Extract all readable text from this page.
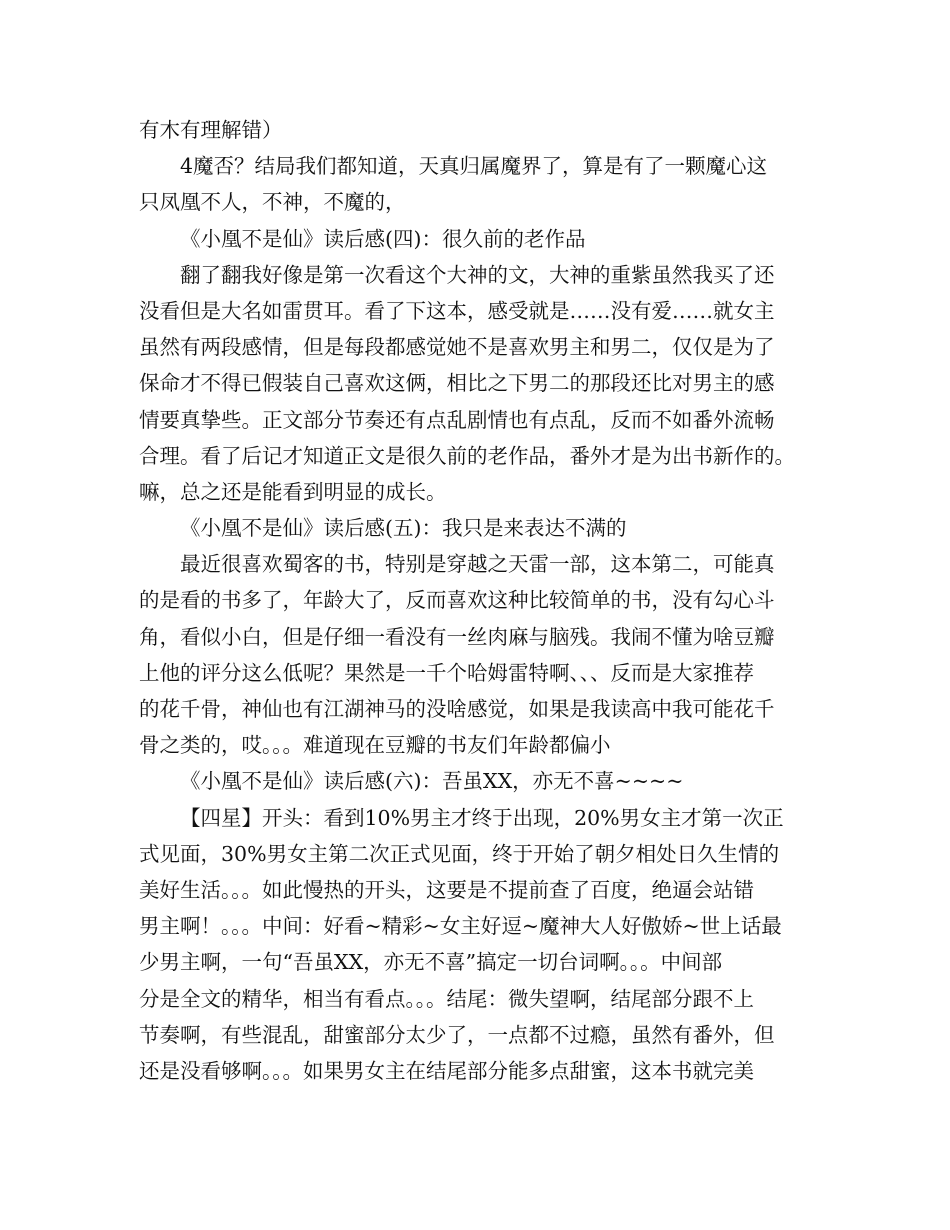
有木有理解错）
4魔否？结局我们都知道，天真归属魔界了，算是有了一颗魔心这
只凤凰不人，不神，不魔的，
《小凰不是仙》读后感(四)：很久前的老作品
翻了翻我好像是第一次看这个大神的文，大神的重紫虽然我买了还
没看但是大名如雷贯耳。看了下这本，感受就是……没有爱……就女主
虽然有两段感情，但是每段都感觉她不是喜欢男主和男二，仅仅是为了
保命才不得已假装自己喜欢这俩，相比之下男二的那段还比对男主的感
情要真挚些。正文部分节奏还有点乱剧情也有点乱，反而不如番外流畅
合理。看了后记才知道正文是很久前的老作品，番外才是为出书新作的。
嘛，总之还是能看到明显的成长。
《小凰不是仙》读后感(五)：我只是来表达不满的
最近很喜欢蜀客的书，特别是穿越之天雷一部，这本第二，可能真
的是看的书多了，年龄大了，反而喜欢这种比较简单的书，没有勾心斗
角，看似小白，但是仔细一看没有一丝肉麻与脑残。我闹不懂为啥豆瓣
上他的评分这么低呢？果然是一千个哈姆雷特啊、、、反而是大家推荐
的花千骨，神仙也有江湖神马的没啥感觉，如果是我读高中我可能花千
骨之类的，哎。。。难道现在豆瓣的书友们年龄都偏小
《小凰不是仙》读后感(六)：吾虽XX，亦无不喜~~~~
【四星】开头：看到10%男主才终于出现，20%男女主才第一次正
式见面，30%男女主第二次正式见面，终于开始了朝夕相处日久生情的
美好生活。。。如此慢热的开头，这要是不提前查了百度，绝逼会站错
男主啊！。。。中间：好看~精彩~女主好逗~魔神大人好傲娇~世上话最
少男主啊，一句“吾虽XX，亦无不喜”搞定一切台词啊。。。中间部
分是全文的精华，相当有看点。。。结尾：微失望啊，结尾部分跟不上
节奏啊，有些混乱，甜蜜部分太少了，一点都不过瘾，虽然有番外，但
还是没看够啊。。。如果男女主在结尾部分能多点甜蜜，这本书就完美
